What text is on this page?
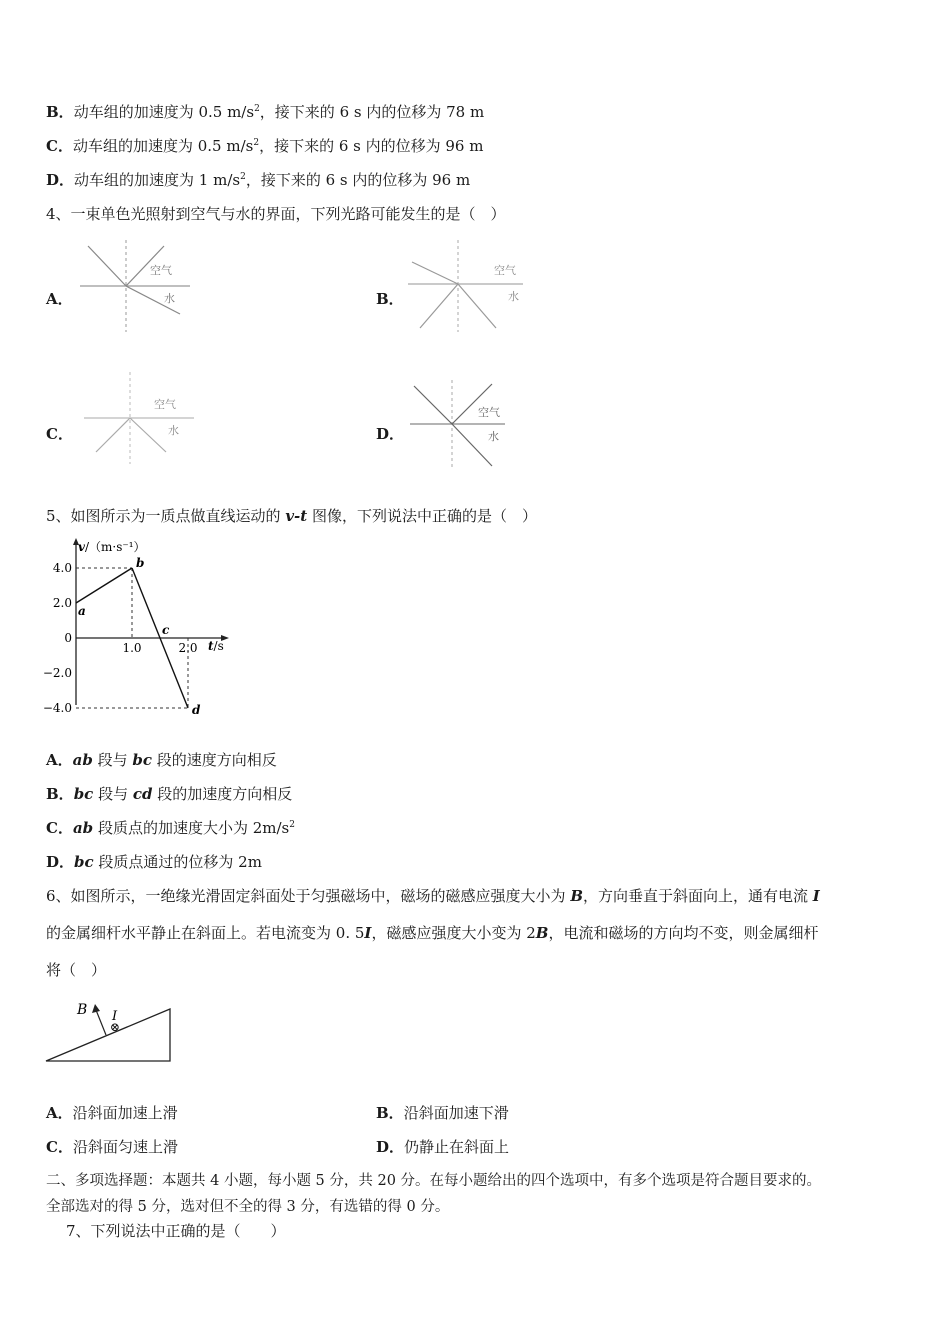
B．动车组的加速度为 0.5 $m/s^2$，接下来的 6 s 内的位移为 78 m
C．动车组的加速度为 0.5 $m/s^2$，接下来的 6 s 内的位移为 96 m
D．动车组的加速度为 1 $m/s^2$，接下来的 6 s 内的位移为 96 m
4、一束单色光照射到空气与水的界面，下列光路可能发生的是（　）
A．
空气
水	B．
空气
水
C．
空气
水	D．
空气
水
5、如图所示为一质点做直线运动的 v-t 图像，下列说法中正确的是（　）
v/（m·s⁻¹）
t/s
4.0
2.0
0
−2.0
−4.0
1.0	2.0
a
b
c
d
A．ab 段与 bc 段的速度方向相反
B．bc 段与 cd 段的加速度方向相反
C．ab 段质点的加速度大小为 $2m/s^2$
D．bc 段质点通过的位移为 2m
6、如图所示，一绝缘光滑固定斜面处于匀强磁场中，磁场的磁感应强度大小为 B，方向垂直于斜面向上，通有电流 I
的金属细杆水平静止在斜面上。若电流变为 0. 5I，磁感应强度大小变为 2B，电流和磁场的方向均不变，则金属细杆
将（　）
B I
⊗
A．沿斜面加速上滑	B．沿斜面加速下滑
C．沿斜面匀速上滑	D．仍静止在斜面上
二、多项选择题：本题共 4 小题，每小题 5 分，共 20 分。在每小题给出的四个选项中，有多个选项是符合题目要求的。
全部选对的得 5 分，选对但不全的得 3 分，有选错的得 0 分。
7、下列说法中正确的是（　　）
